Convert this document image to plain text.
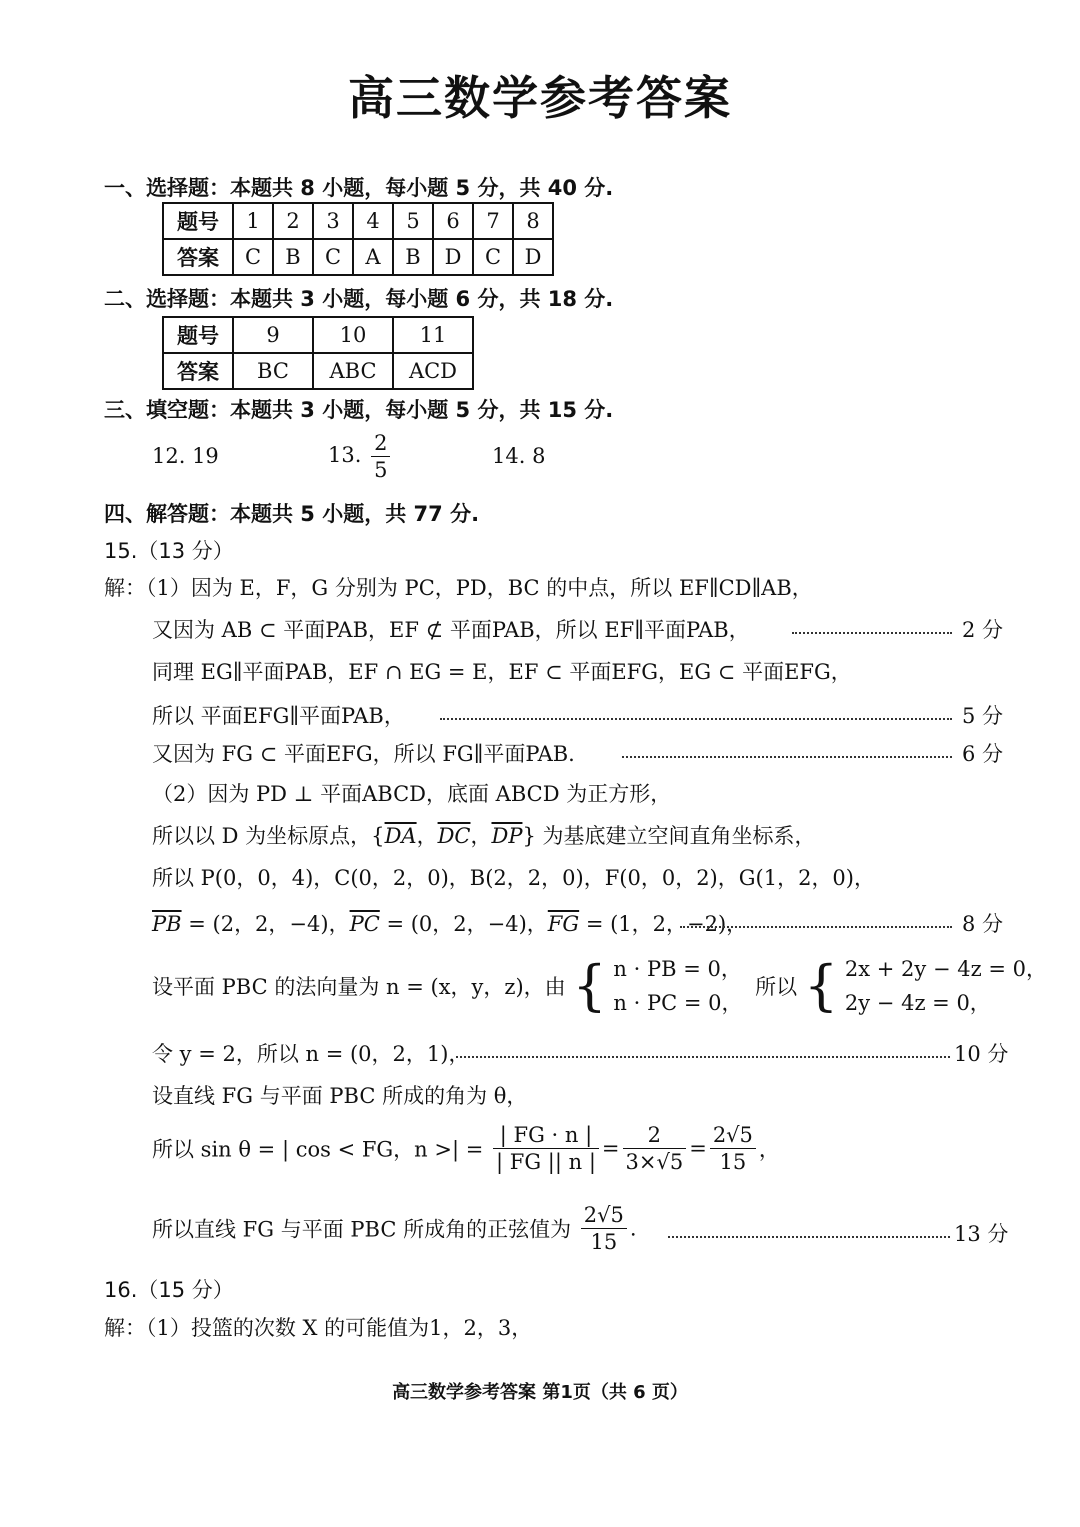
高三数学参考答案
一、选择题：本题共 8 小题，每小题 5 分，共 40 分.
题号	1	2	3	4	5	6	7	8
答案	C	B	C	A	B	D	C	D
二、选择题：本题共 3 小题，每小题 6 分，共 18 分.
题号	9	10	11
答案	BC	ABC	ACD
三、填空题：本题共 3 小题，每小题 5 分，共 15 分.
12. 19	13. $\frac{2}{5}$	14. 8
四、解答题：本题共 5 小题，共 77 分.
15.（13 分）
解：（1）因为 E，F，G 分别为 PC，PD，BC 的中点，所以 EF∥CD∥AB，
又因为 AB ⊂ 平面PAB，EF ⊄ 平面PAB，所以 EF∥平面PAB，	2 分
同理 EG∥平面PAB，EF ∩ EG = E，EF ⊂ 平面EFG，EG ⊂ 平面EFG，
所以 平面EFG∥平面PAB，	5 分
又因为 FG ⊂ 平面EFG，所以 FG∥平面PAB.	6 分
（2）因为 PD ⊥ 平面ABCD，底面 ABCD 为正方形，
所以以 D 为坐标原点，{$\overline{DA}$，$\overline{DC}$，$\overline{DP}$} 为基底建立空间直角坐标系，
所以 P(0，0，4)，C(0，2，0)，B(2，2，0)，F(0，0，2)，G(1，2，0)，
$\overline{PB} = (2$，2，−4)，$\overline{PC} = (0$，2，−4)，$\overline{FG} = (1$，2，−2)，	8 分
设平面 PBC 的法向量为 n = (x，y，z)，由 { n · PB = 0，
n · PC = 0，
所以 { 2x + 2y − 4z = 0，
2y − 4z = 0，
令 y = 2，所以 n = (0，2，1)，	10 分
设直线 FG 与平面 PBC 所成的角为 θ，
所以 sin θ = | cos < FG，n >| = $\frac{| FG \cdot n |}{| FG || n |} = \frac{2}{3\times√5} = \frac{2√5}{15}$ ，
所以直线 FG 与平面 PBC 所成角的正弦值为 $\frac{2√5}{15}$ .	13 分
16.（15 分）
解：（1）投篮的次数 X 的可能值为1，2，3，
高三数学参考答案 第1页（共 6 页）
